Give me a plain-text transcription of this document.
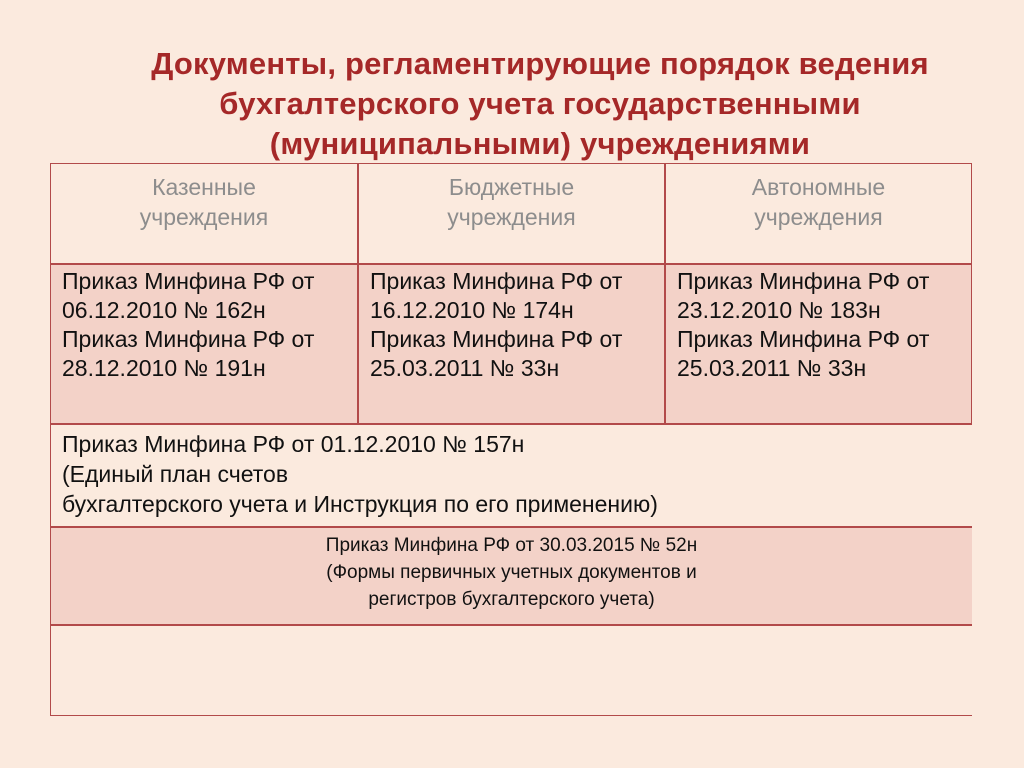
Документы, регламентирующие порядок ведения
бухгалтерского учета государственными
(муниципальными) учреждениями
Казенные
учреждения
Бюджетные
учреждения
Автономные
учреждения
Приказ Минфина РФ от
06.12.2010 № 162н
Приказ Минфина РФ от
28.12.2010 № 191н
Приказ Минфина РФ от
16.12.2010 № 174н
Приказ Минфина РФ от
25.03.2011 № 33н
Приказ Минфина РФ от
23.12.2010 № 183н
Приказ Минфина РФ от
25.03.2011 № 33н
Приказ Минфина РФ от 01.12.2010 № 157н
(Единый план счетов
бухгалтерского учета и Инструкция по его применению)
Приказ Минфина РФ от 30.03.2015 № 52н
(Формы первичных учетных документов и
регистров бухгалтерского учета)
